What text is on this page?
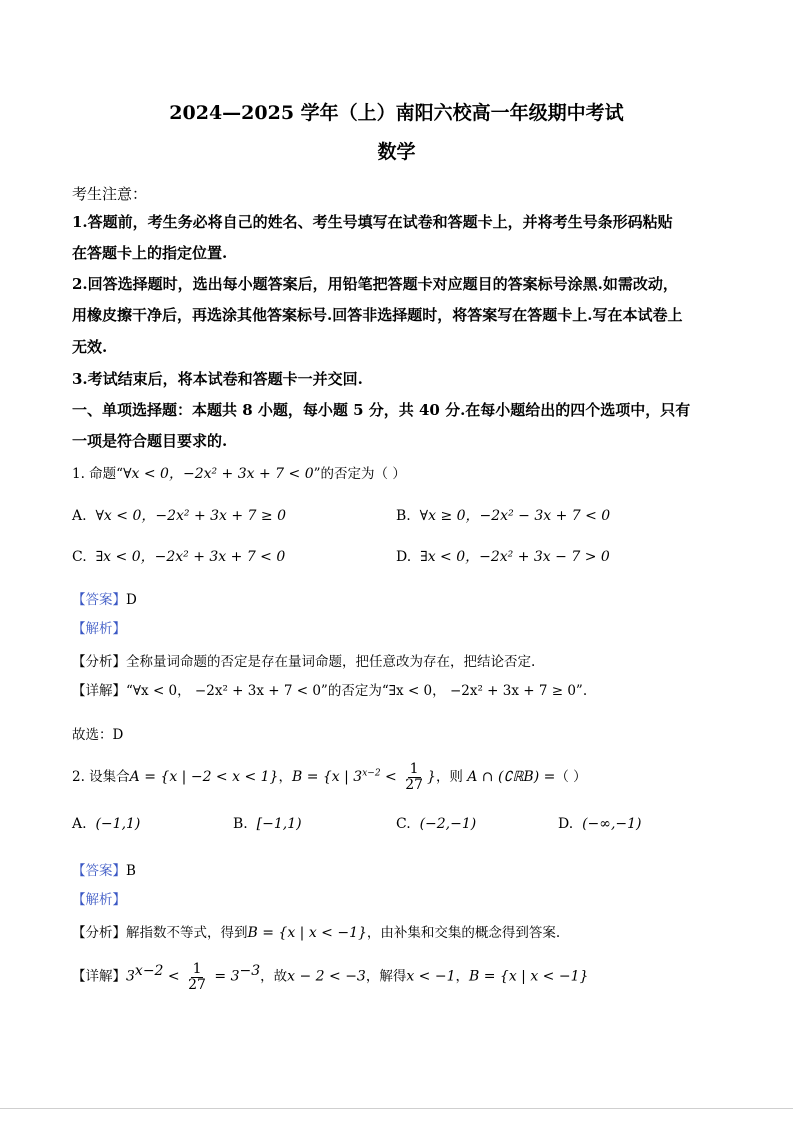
2024—2025 学年（上）南阳六校高一年级期中考试
数学
考生注意：
1.答题前，考生务必将自己的姓名、考生号填写在试卷和答题卡上，并将考生号条形码粘贴
在答题卡上的指定位置.
2.回答选择题时，选出每小题答案后，用铅笔把答题卡对应题目的答案标号涂黑.如需改动，
用橡皮擦干净后，再选涂其他答案标号.回答非选择题时，将答案写在答题卡上.写在本试卷上
无效.
3.考试结束后，将本试卷和答题卡一并交回.
一、单项选择题：本题共 8 小题，每小题 5 分，共 40 分.在每小题给出的四个选项中，只有
一项是符合题目要求的.
1. 命题“∀x < 0，−2x² + 3x + 7 < 0”的否定为（ ）
A. ∀x < 0，−2x² + 3x + 7 ≥ 0	B. ∀x ≥ 0，−2x² − 3x + 7 < 0
C. ∃x < 0，−2x² + 3x + 7 < 0	D. ∃x < 0，−2x² + 3x − 7 > 0
【答案】D
【解析】
【分析】全称量词命题的否定是存在量词命题，把任意改为存在，把结论否定.
【详解】“∀x < 0， −2x² + 3x + 7 < 0”的否定为“∃x < 0， −2x² + 3x + 7 ≥ 0”.
故选：D
2. 设集合A = {x | −2 < x < 1}，B = {x | $3^{x-2} < \frac{1}{27}$ }，则 A ∩ (∁ℝB) =（ ）
A. (−1,1)	B. [−1,1)	C. (−2,−1)	D. (−∞,−1)
【答案】B
【解析】
【分析】解指数不等式，得到B = {x | x < −1}，由补集和交集的概念得到答案.
【详解】$3^{x-2} < \frac{1}{27} = 3^{-3}$，故x − 2 < −3，解得x < −1，B = {x | x < −1}
